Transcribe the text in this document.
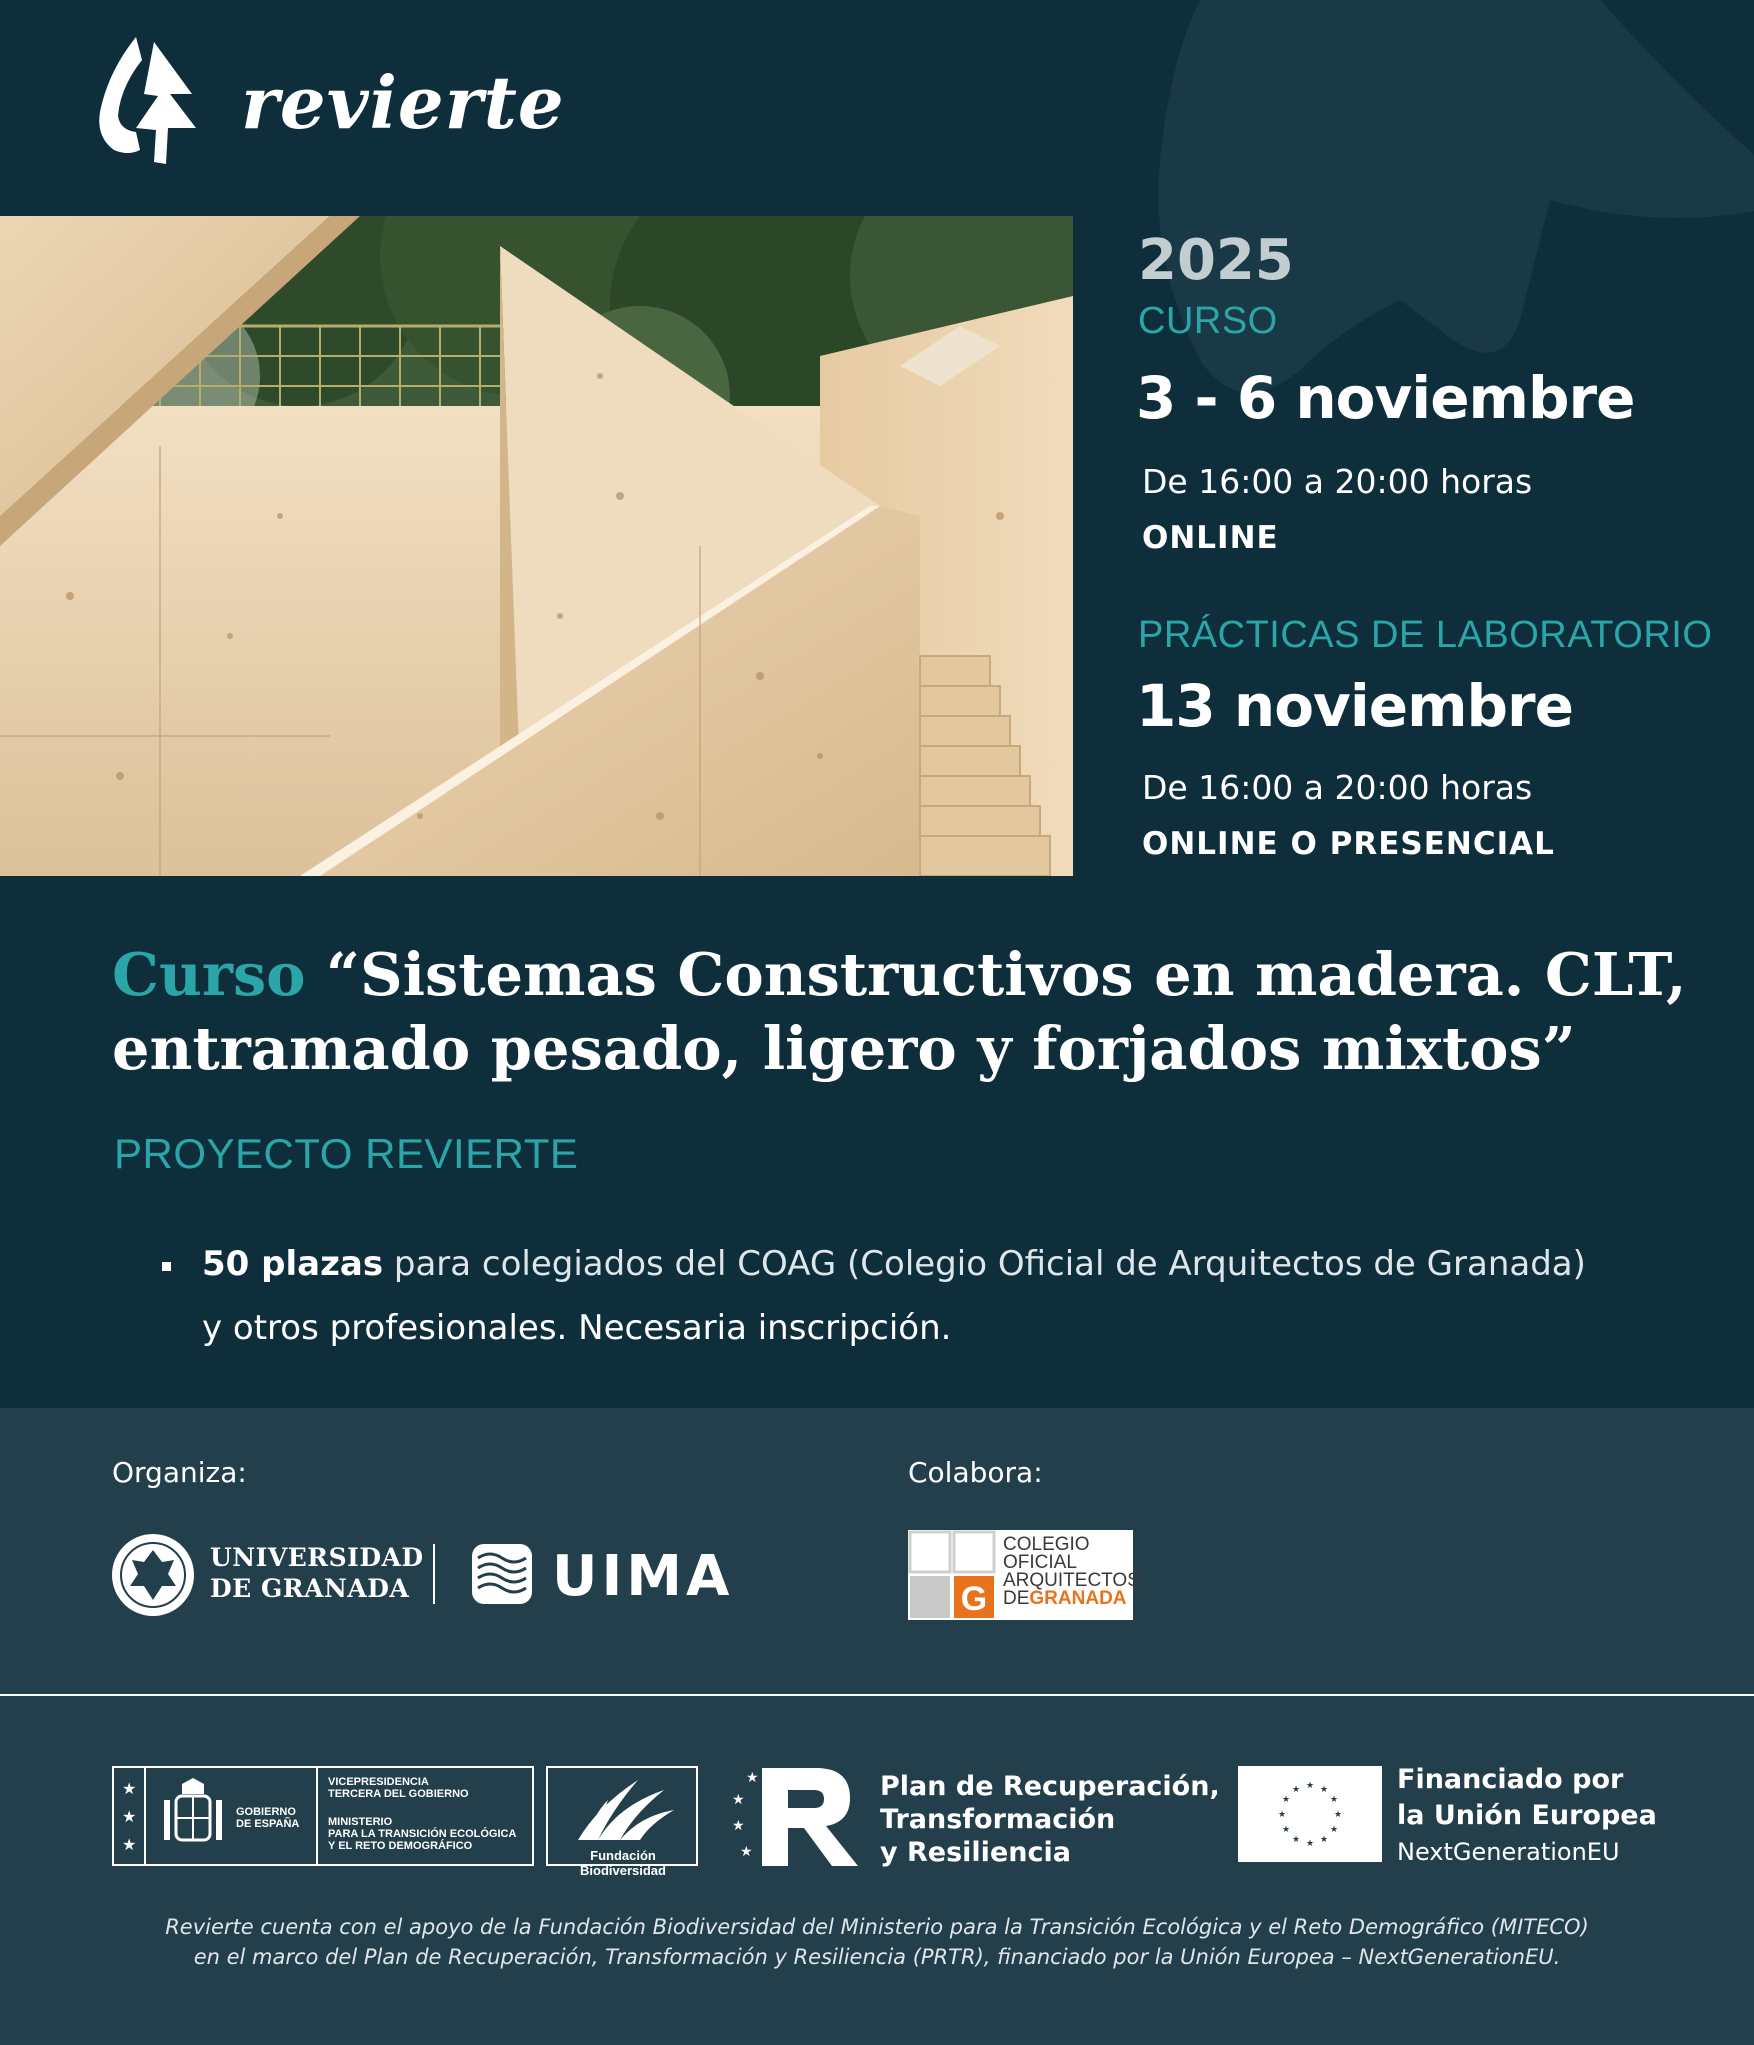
revierte
2025
CURSO
3 - 6 noviembre
De 16:00 a 20:00 horas
ONLINE
PRÁCTICAS DE LABORATORIO
13 noviembre
De 16:00 a 20:00 horas
ONLINE O PRESENCIAL
Curso “Sistemas Constructivos en madera. CLT,
entramado pesado, ligero y forjados mixtos”
PROYECTO REVIERTE
50 plazas para colegiados del COAG (Colegio Oficial de Arquitectos de Granada)
y otros profesionales. Necesaria inscripción.
Organiza:	Colabora:
UNIVERSIDAD
DE GRANADA	UIMA	G
COLEGIO
OFICIAL
ARQUITECTOS
DEGRANADA
★
★
★
GOBIERNO
DE ESPAÑA
VICEPRESIDENCIA
TERCERA DEL GOBIERNO
MINISTERIO
PARA LA TRANSICIÓN ECOLÓGICA
Y EL RETO DEMOGRÁFICO
Fundación Biodiversidad
★
★
★
★	Plan de Recuperación,
Transformación
y Resiliencia
★ ★
★
★
★
★
★
★
★
★
★
★	Financiado por
la Unión Europea
NextGenerationEU
Revierte cuenta con el apoyo de la Fundación Biodiversidad del Ministerio para la Transición Ecológica y el Reto Demográfico (MITECO)
en el marco del Plan de Recuperación, Transformación y Resiliencia (PRTR), financiado por la Unión Europea – NextGenerationEU.
